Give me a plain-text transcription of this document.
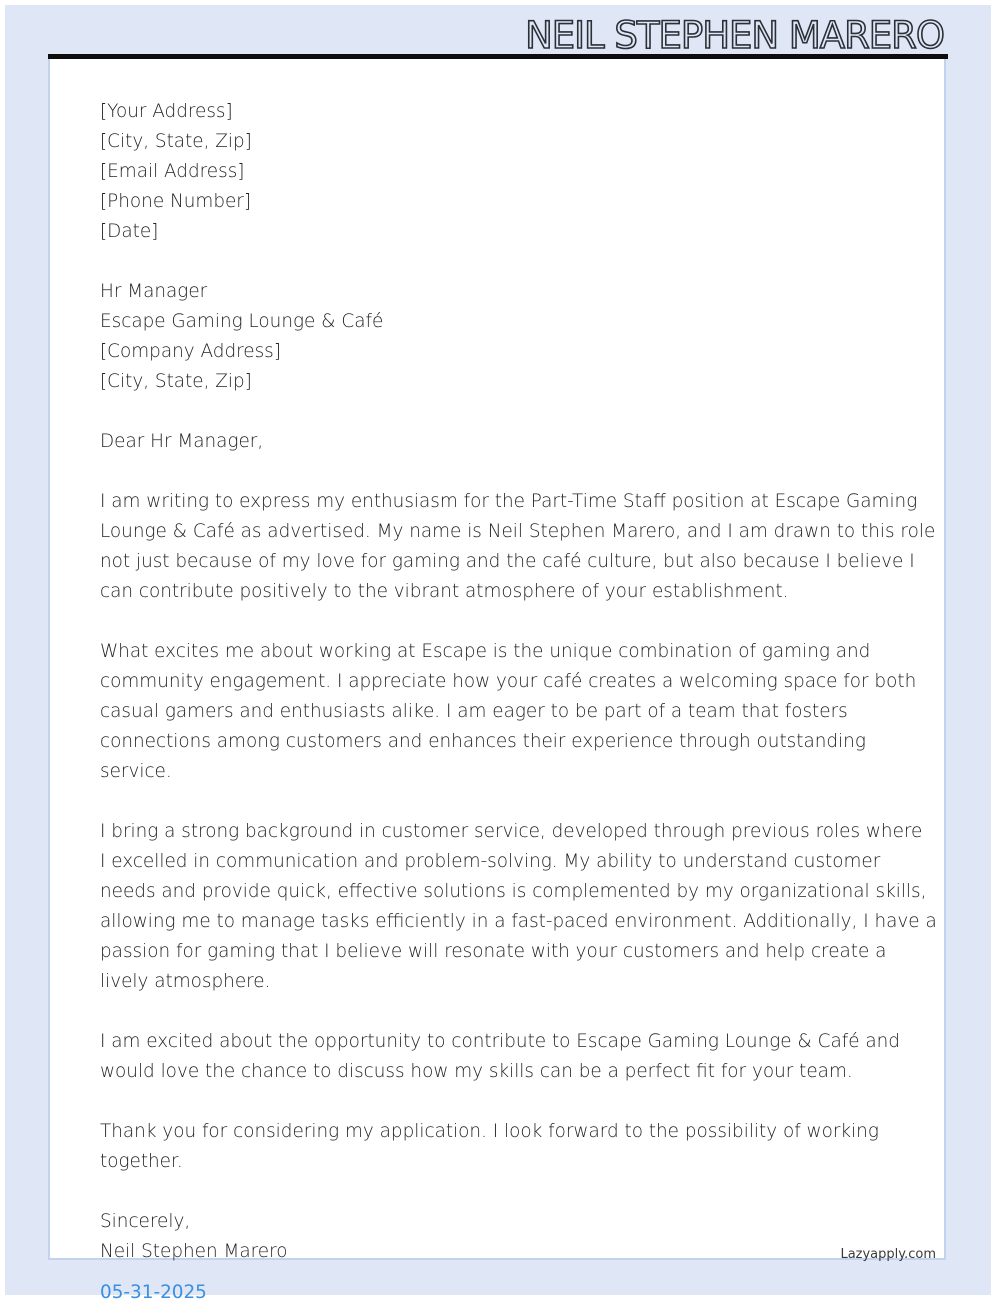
NEIL STEPHEN MARERO
[Your Address]
[City, State, Zip]
[Email Address]
[Phone Number]
[Date]
Hr Manager
Escape Gaming Lounge & Café
[Company Address]
[City, State, Zip]
Dear Hr Manager,

I am writing to express my enthusiasm for the Part-Time Staff position at Escape Gaming
Lounge & Café as advertised. My name is Neil Stephen Marero, and I am drawn to this role
not just because of my love for gaming and the café culture, but also because I believe I
can contribute positively to the vibrant atmosphere of your establishment.

What excites me about working at Escape is the unique combination of gaming and
community engagement. I appreciate how your café creates a welcoming space for both
casual gamers and enthusiasts alike. I am eager to be part of a team that fosters
connections among customers and enhances their experience through outstanding
service.

I bring a strong background in customer service, developed through previous roles where
I excelled in communication and problem-solving. My ability to understand customer
needs and provide quick, effective solutions is complemented by my organizational skills,
allowing me to manage tasks efficiently in a fast-paced environment. Additionally, I have a
passion for gaming that I believe will resonate with your customers and help create a
lively atmosphere.

I am excited about the opportunity to contribute to Escape Gaming Lounge & Café and
would love the chance to discuss how my skills can be a perfect fit for your team.

Thank you for considering my application. I look forward to the possibility of working
together.

Sincerely,
Neil Stephen Marero	Lazyapply.com
05-31-2025
